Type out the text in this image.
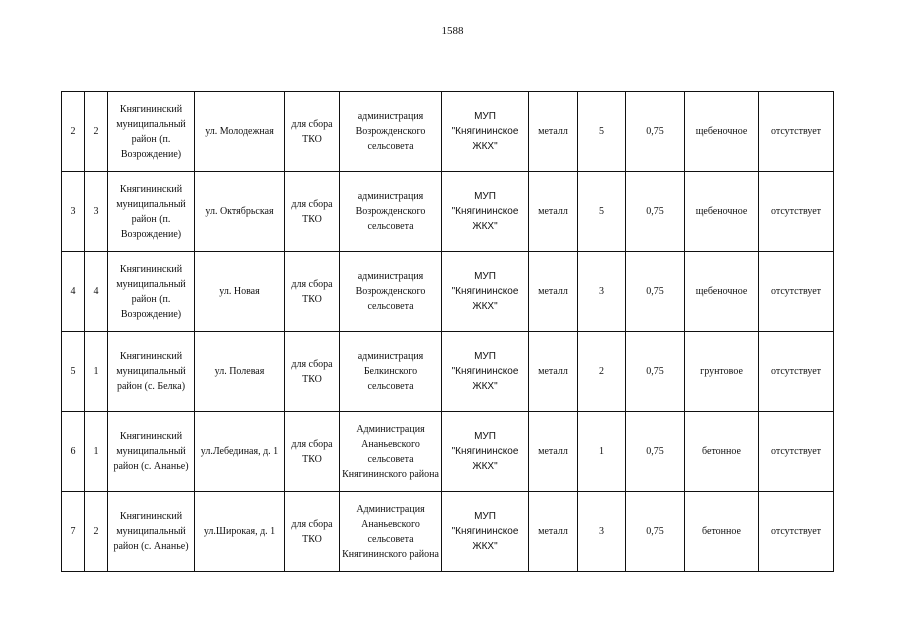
1588
2	2	Княгининский муниципальный район (п. Возрождение)	ул. Молодежная	для сбора ТКО	администрация Возрожденского сельсовета	МУП "Княгининское ЖКХ"	металл	5	0,75	щебеночное	отсутствует
3	3	Княгининский муниципальный район (п. Возрождение)	ул. Октябрьская	для сбора ТКО	администрация Возрожденского сельсовета	МУП "Княгининское ЖКХ"	металл	5	0,75	щебеночное	отсутствует
4	4	Княгининский муниципальный район (п. Возрождение)	ул. Новая	для сбора ТКО	администрация Возрожденского сельсовета	МУП "Княгининское ЖКХ"	металл	3	0,75	щебеночное	отсутствует
5	1	Княгининский муниципальный район (с. Белка)	ул. Полевая	для сбора ТКО	администрация Белкинского сельсовета	МУП "Княгининское ЖКХ"	металл	2	0,75	грунтовое	отсутствует
6	1	Княгининский муниципальный район (с. Ананье)	ул.Лебединая, д. 1	для сбора ТКО	Администрация Ананьевского сельсовета Княгининского района	МУП "Княгининское ЖКХ"	металл	1	0,75	бетонное	отсутствует
7	2	Княгининский муниципальный район (с. Ананье)	ул.Широкая, д. 1	для сбора ТКО	Администрация Ананьевского сельсовета Княгининского района	МУП "Княгининское ЖКХ"	металл	3	0,75	бетонное	отсутствует
